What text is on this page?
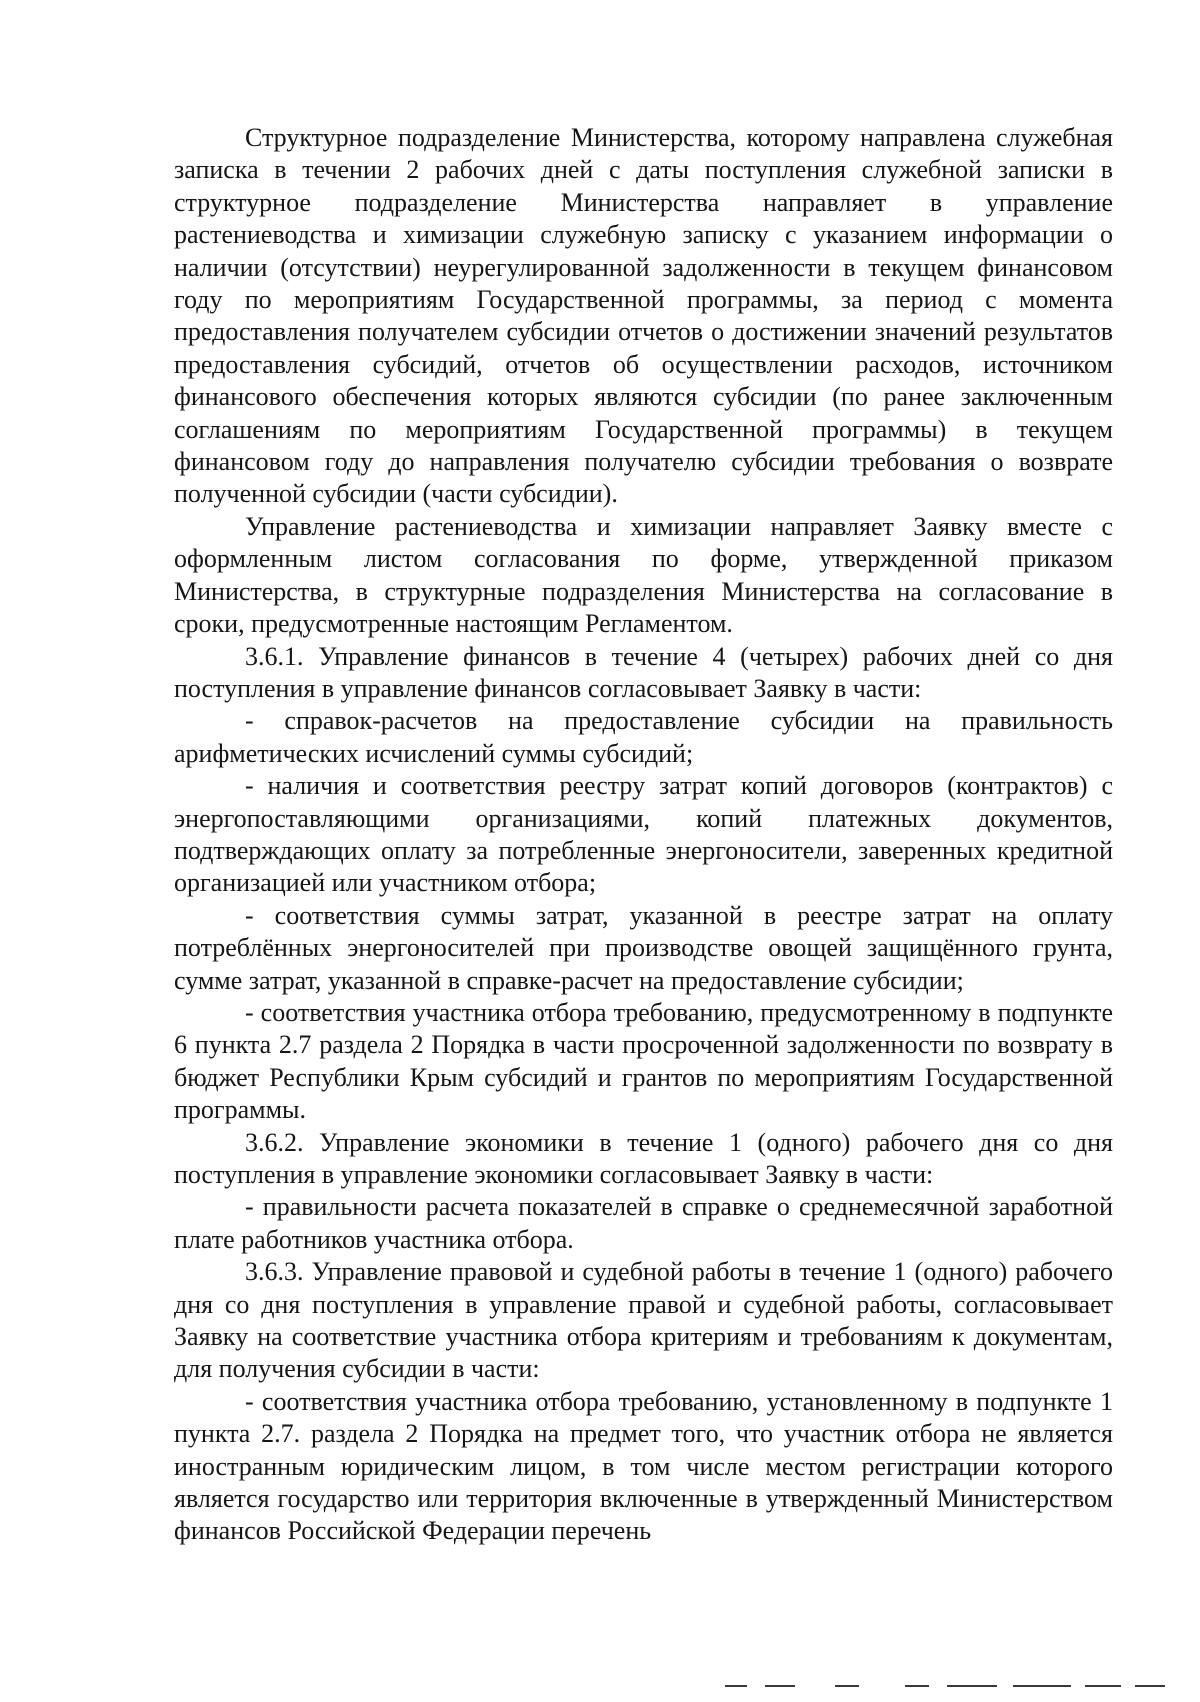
Структурное подразделение Министерства, которому направлена служебная записка в течении 2 рабочих дней с даты поступления служебной записки в структурное подразделение Министерства направляет в управление растениеводства и химизации служебную записку с указанием информации о наличии (отсутствии) неурегулированной задолженности в текущем финансовом году по мероприятиям Государственной программы, за период с момента предоставления получателем субсидии отчетов о достижении значений результатов предоставления субсидий, отчетов об осуществлении расходов, источником финансового обеспечения которых являются субсидии (по ранее заключенным соглашениям по мероприятиям Государственной программы) в текущем финансовом году до направления получателю субсидии требования о возврате полученной субсидии (части субсидии).

Управление растениеводства и химизации направляет Заявку вместе с оформленным листом согласования по форме, утвержденной приказом Министерства, в структурные подразделения Министерства на согласование в сроки, предусмотренные настоящим Регламентом.

3.6.1. Управление финансов в течение 4 (четырех) рабочих дней со дня поступления в управление финансов согласовывает Заявку в части:

- справок-расчетов на предоставление субсидии на правильность арифметических исчислений суммы субсидий;

- наличия и соответствия реестру затрат копий договоров (контрактов) с энергопоставляющими организациями, копий платежных документов, подтверждающих оплату за потребленные энергоносители, заверенных кредитной организацией или участником отбора;

- соответствия суммы затрат, указанной в реестре затрат на оплату потреблённых энергоносителей при производстве овощей защищённого грунта, сумме затрат, указанной в справке-расчет на предоставление субсидии;

- соответствия участника отбора требованию, предусмотренному в подпункте 6 пункта 2.7 раздела 2 Порядка в части просроченной задолженности по возврату в бюджет Республики Крым субсидий и грантов по мероприятиям Государственной программы.

3.6.2. Управление экономики в течение 1 (одного) рабочего дня со дня поступления в управление экономики согласовывает Заявку в части:

- правильности расчета показателей в справке о среднемесячной заработной плате работников участника отбора.

3.6.3. Управление правовой и судебной работы в течение 1 (одного) рабочего дня со дня поступления в управление правой и судебной работы, согласовывает Заявку на соответствие участника отбора критериям и требованиям к документам, для получения субсидии в части:

- соответствия участника отбора требованию, установленному в подпункте 1 пункта 2.7. раздела 2 Порядка на предмет того, что участник отбора не является иностранным юридическим лицом, в том числе местом регистрации которого является государство или территория включенные в утвержденный Министерством финансов Российской Федерации перечень
